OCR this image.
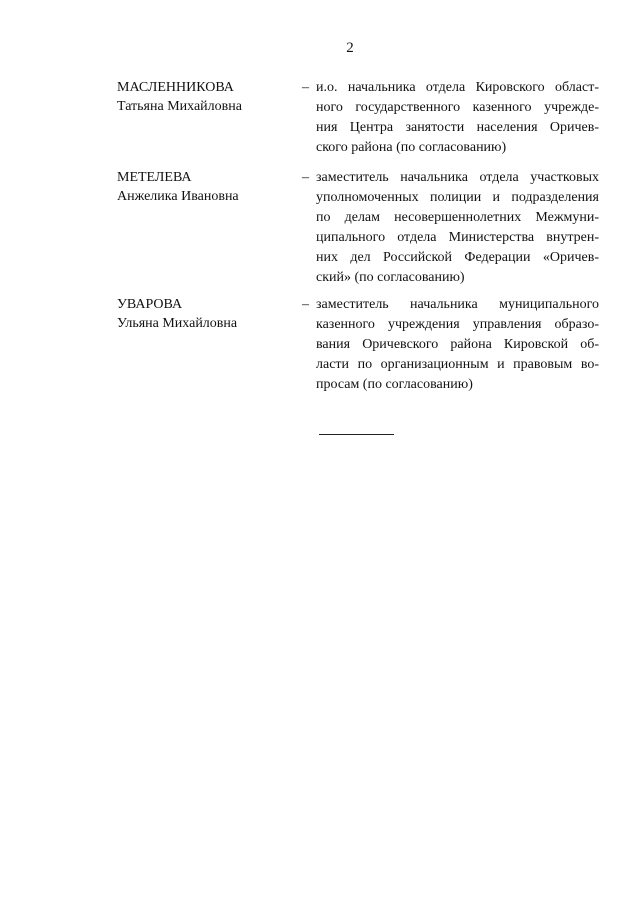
2
МАСЛЕННИКОВА
Татьяна Михайловна
– и.о. начальника отдела Кировского област-
ного государственного казенного учрежде-
ния Центра занятости населения Оричев-
ского района (по согласованию)
МЕТЕЛЕВА
Анжелика Ивановна
– заместитель начальника отдела участковых
уполномоченных полиции и подразделения
по делам несовершеннолетних Межмуни-
ципального отдела Министерства внутрен-
них дел Российской Федерации «Оричев-
ский» (по согласованию)
УВАРОВА
Ульяна Михайловна
– заместитель начальника муниципального
казенного учреждения управления образо-
вания Оричевского района Кировской об-
ласти по организационным и правовым во-
просам (по согласованию)
